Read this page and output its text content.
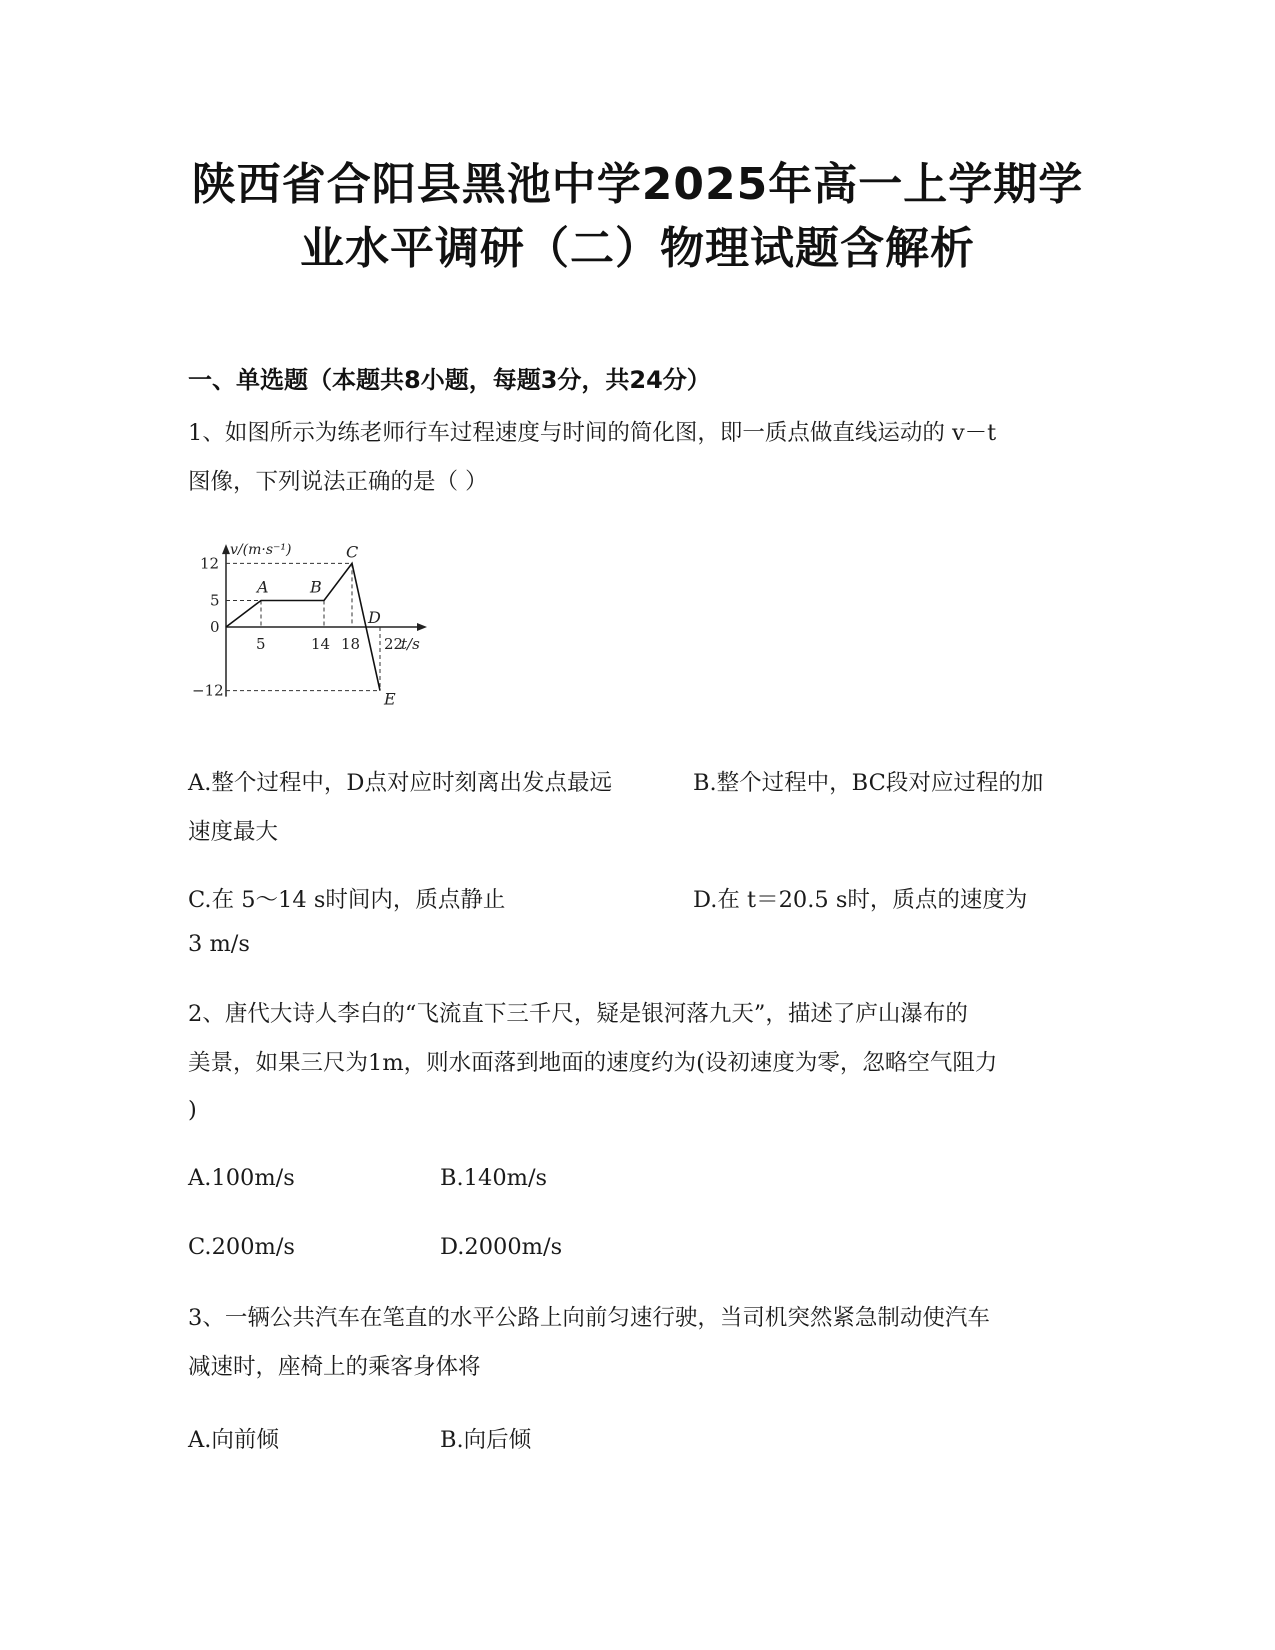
陕西省合阳县黑池中学2025年高一上学期学
业水平调研（二）物理试题含解析
一、单选题（本题共8小题，每题3分，共24分）
1、如图所示为练老师行车过程速度与时间的简化图，即一质点做直线运动的 v－t
图像，下列说法正确的是（ ）
v/(m·s⁻¹)
t/s
A	B
C
D
E
5	14 18 22
12
5
0
−12
A.整个过程中，D点对应时刻离出发点最远	B.整个过程中，BC段对应过程的加
速度最大
C.在 5～14 s时间内，质点静止	D.在 t＝20.5 s时，质点的速度为
3 m/s
2、唐代大诗人李白的“飞流直下三千尺，疑是银河落九天”，描述了庐山瀑布的
美景，如果三尺为1m，则水面落到地面的速度约为(设初速度为零，忽略空气阻力
)
A.100m/s	B.140m/s
C.200m/s	D.2000m/s
3、一辆公共汽车在笔直的水平公路上向前匀速行驶，当司机突然紧急制动使汽车
减速时，座椅上的乘客身体将
A.向前倾	B.向后倾
